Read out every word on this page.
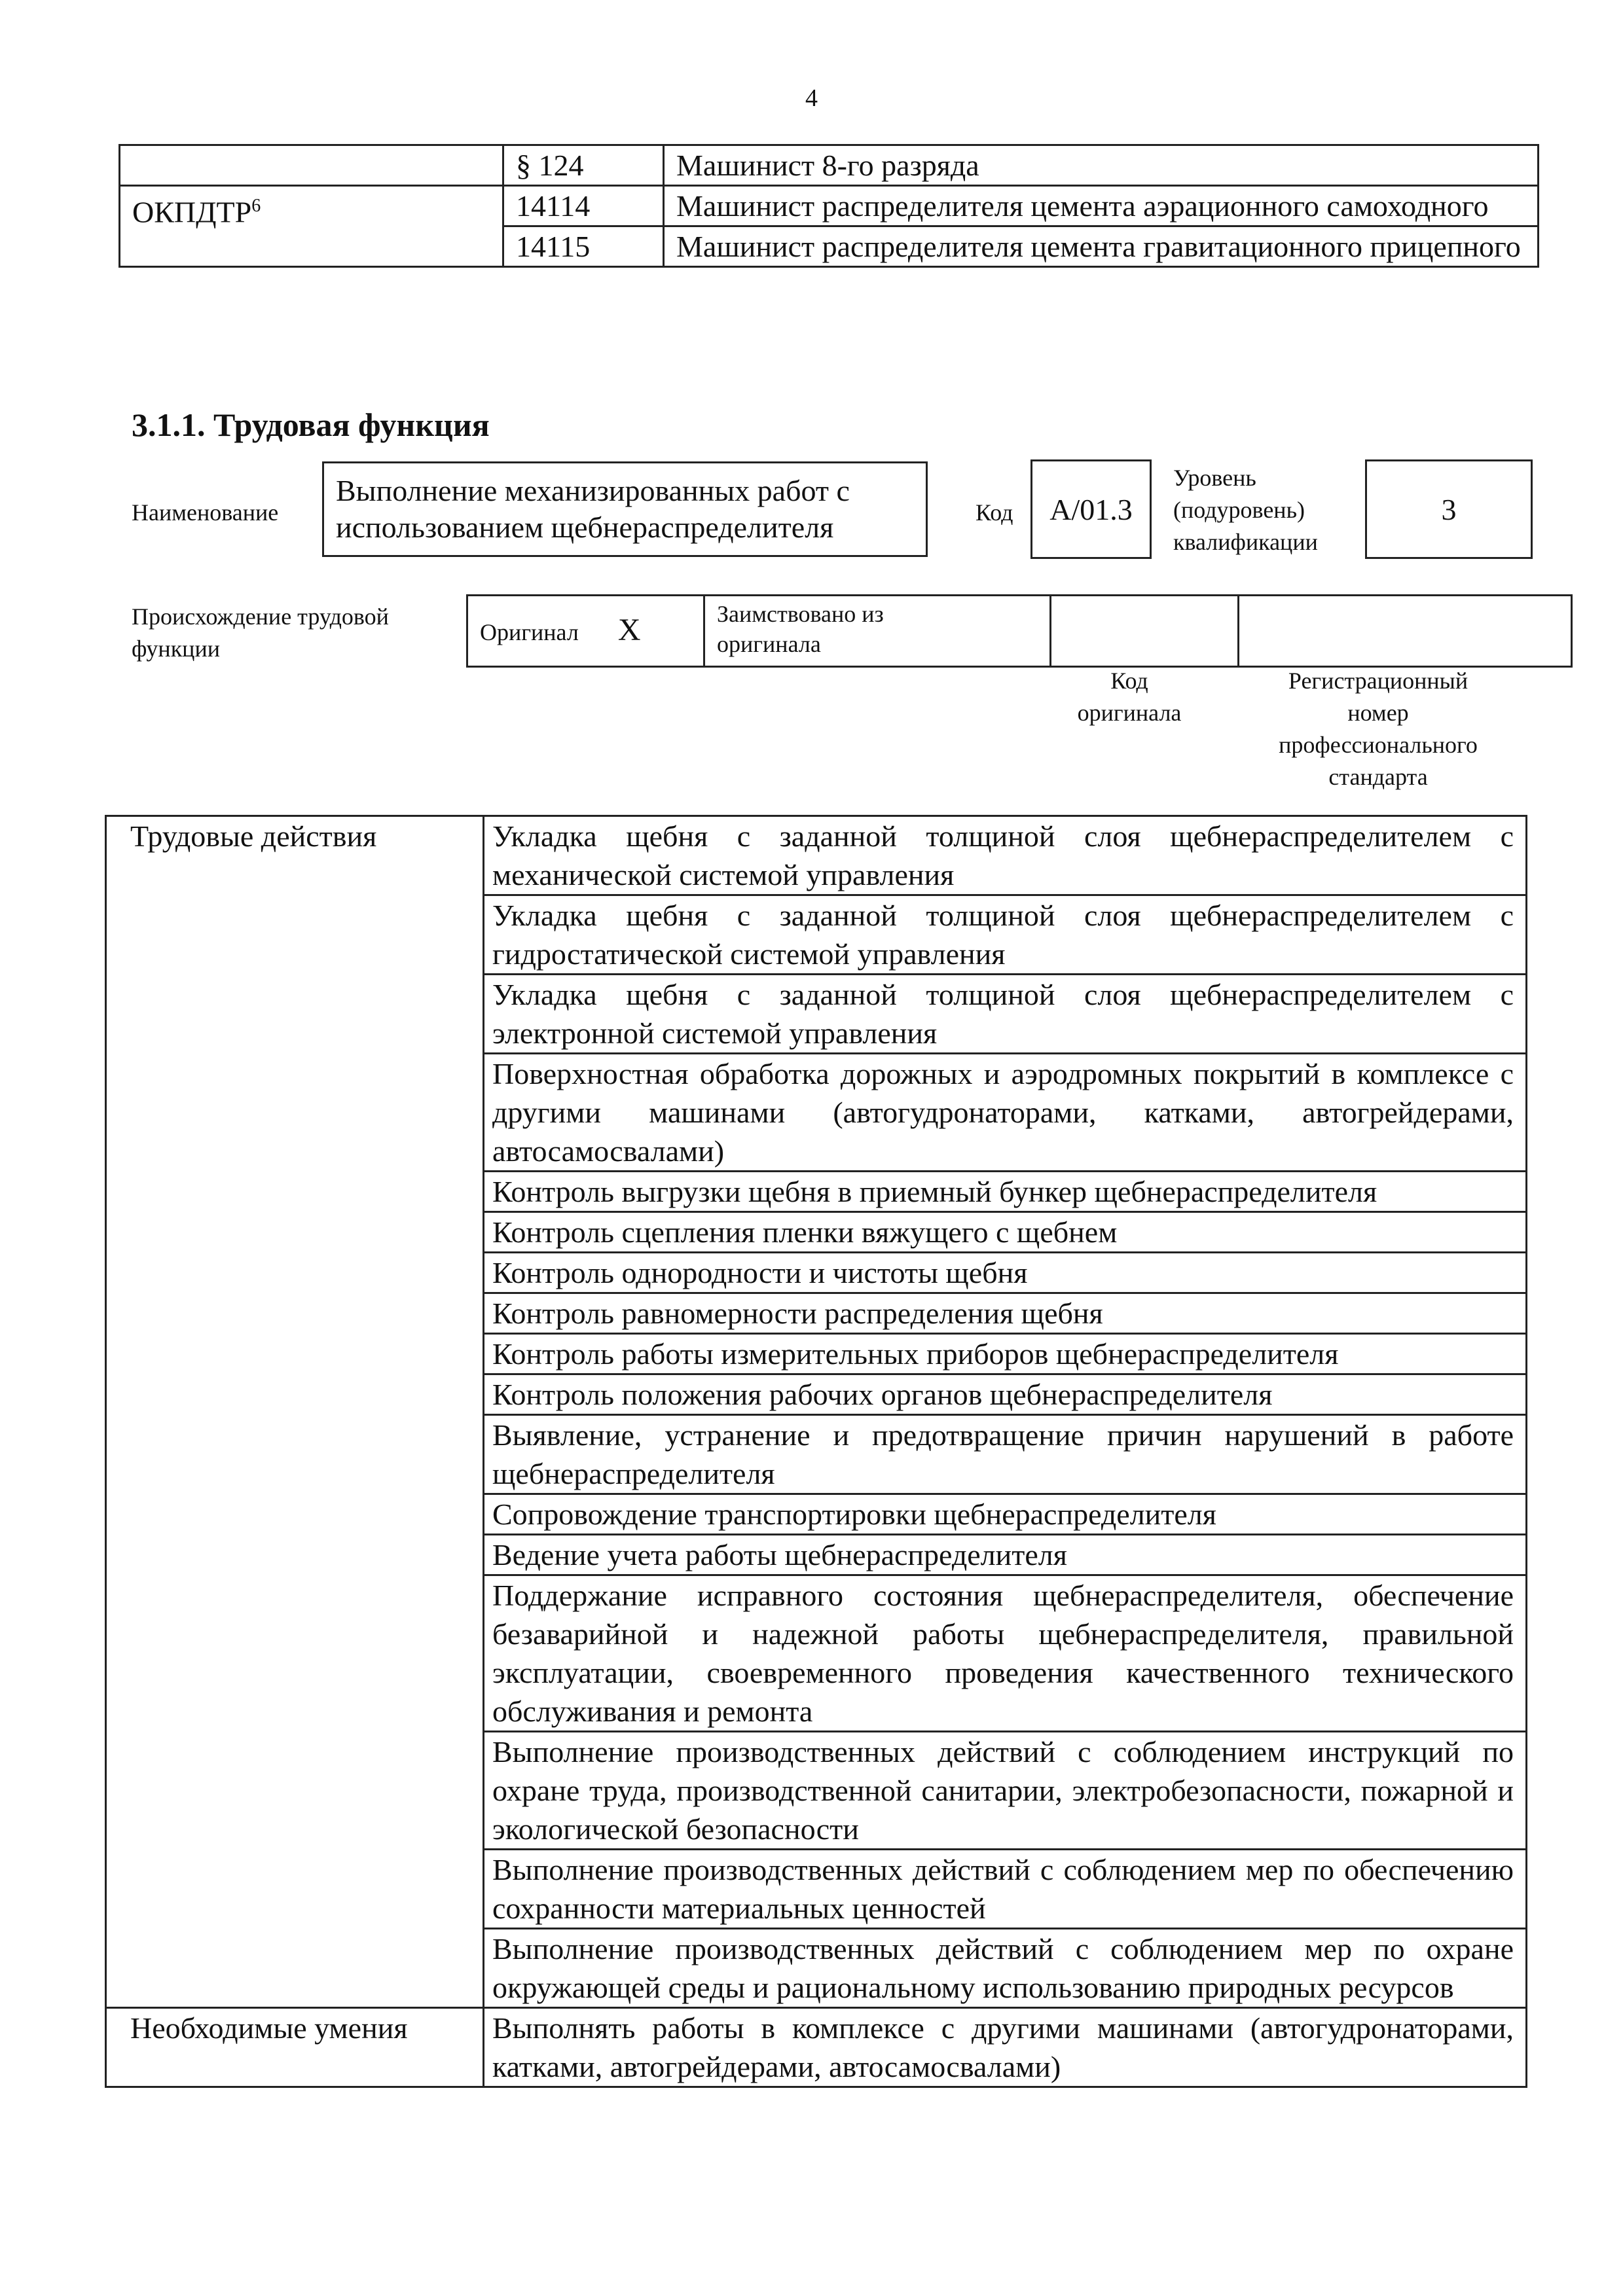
4
	§ 124	Машинист 8-го разряда
ОКПДТР$^6$	14114	Машинист распределителя цемента аэрационного самоходного
	14115	Машинист распределителя цемента гравитационного прицепного
3.1.1. Трудовая функция
Наименование
Выполнение механизированных работ с использованием щебнераспределителя	Код	A/01.3
Уровень
(подуровень)
квалификации
3
Происхождение трудовой
функции
Оригинал X	Заимствовано из
оригинала

Код
оригинала
Регистрационный
номер
профессионального
стандарта
Трудовые действия	Укладка щебня с заданной толщиной слоя щебнераспределителем с механической системой управления
	Укладка щебня с заданной толщиной слоя щебнераспределителем с гидростатической системой управления
	Укладка щебня с заданной толщиной слоя щебнераспределителем с электронной системой управления
	Поверхностная обработка дорожных и аэродромных покрытий в комплексе с другими машинами (автогудронаторами, катками, автогрейдерами, автосамосвалами)
	Контроль выгрузки щебня в приемный бункер щебнераспределителя
	Контроль сцепления пленки вяжущего с щебнем
	Контроль однородности и чистоты щебня
	Контроль равномерности распределения щебня
	Контроль работы измерительных приборов щебнераспределителя
	Контроль положения рабочих органов щебнераспределителя
	Выявление, устранение и предотвращение причин нарушений в работе щебнераспределителя
	Сопровождение транспортировки щебнераспределителя
	Ведение учета работы щебнераспределителя
	Поддержание исправного состояния щебнераспределителя, обеспечение безаварийной и надежной работы щебнераспределителя, правильной эксплуатации, своевременного проведения качественного технического обслуживания и ремонта
	Выполнение производственных действий с соблюдением инструкций по охране труда, производственной санитарии, электробезопасности, пожарной и экологической безопасности
	Выполнение производственных действий с соблюдением мер по обеспечению сохранности материальных ценностей
	Выполнение производственных действий с соблюдением мер по охране окружающей среды и рациональному использованию природных ресурсов
Необходимые умения	Выполнять работы в комплексе с другими машинами (автогудронаторами, катками, автогрейдерами, автосамосвалами)
